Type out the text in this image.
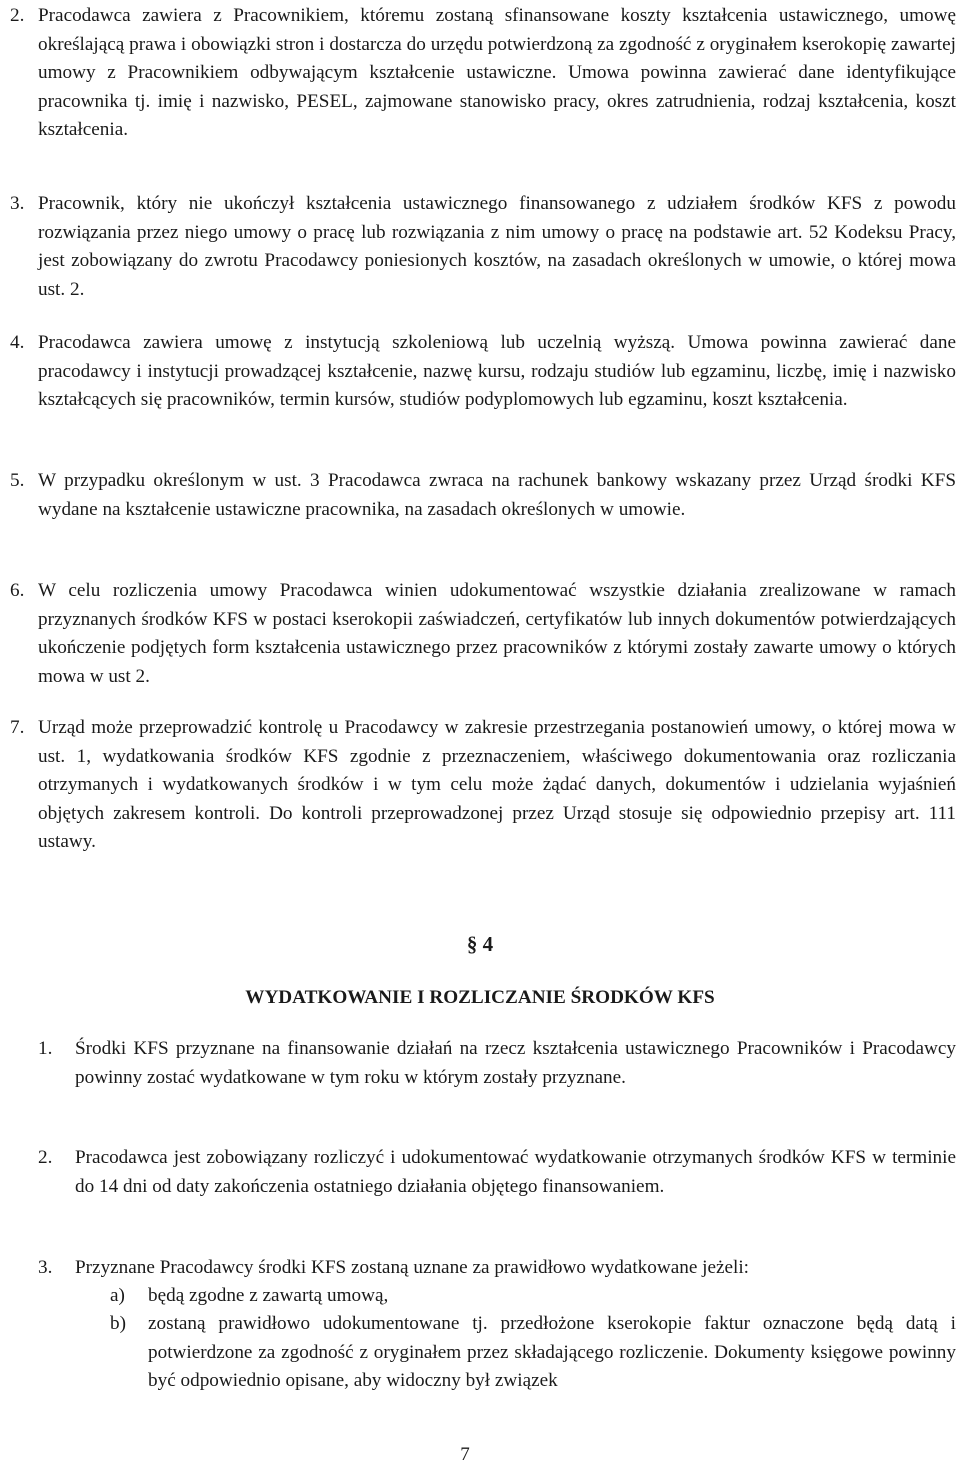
2. Pracodawca zawiera z Pracownikiem, któremu zostaną sfinansowane koszty kształcenia ustawicznego, umowę określającą prawa i obowiązki stron i dostarcza do urzędu potwierdzoną za zgodność z oryginałem kserokopię zawartej umowy z Pracownikiem odbywającym kształcenie ustawiczne. Umowa powinna zawierać dane identyfikujące pracownika tj. imię i nazwisko, PESEL, zajmowane stanowisko pracy, okres zatrudnienia, rodzaj kształcenia, koszt kształcenia.
3. Pracownik, który nie ukończył kształcenia ustawicznego finansowanego z udziałem środków KFS z powodu rozwiązania przez niego umowy o pracę lub rozwiązania z nim umowy o pracę na podstawie art. 52 Kodeksu Pracy, jest zobowiązany do zwrotu Pracodawcy poniesionych kosztów, na zasadach określonych w umowie, o której mowa ust. 2.
4. Pracodawca zawiera umowę z instytucją szkoleniową lub uczelnią wyższą. Umowa powinna zawierać dane pracodawcy i instytucji prowadzącej kształcenie, nazwę kursu, rodzaju studiów lub egzaminu, liczbę, imię i nazwisko kształcących się pracowników, termin kursów, studiów podyplomowych lub egzaminu, koszt kształcenia.
5. W przypadku określonym w ust. 3 Pracodawca zwraca na rachunek bankowy wskazany przez Urząd środki KFS wydane na kształcenie ustawiczne pracownika, na zasadach określonych w umowie.
6. W celu rozliczenia umowy Pracodawca winien udokumentować wszystkie działania zrealizowane w ramach przyznanych środków KFS w postaci kserokopii zaświadczeń, certyfikatów lub innych dokumentów potwierdzających ukończenie podjętych form kształcenia ustawicznego przez pracowników z którymi zostały zawarte umowy o których mowa w ust 2.
7. Urząd może przeprowadzić kontrolę u Pracodawcy w zakresie przestrzegania postanowień umowy, o której mowa w ust. 1, wydatkowania środków KFS zgodnie z przeznaczeniem, właściwego dokumentowania oraz rozliczania otrzymanych i wydatkowanych środków i w tym celu może żądać danych, dokumentów i udzielania wyjaśnień objętych zakresem kontroli. Do kontroli przeprowadzonej przez Urząd stosuje się odpowiednio przepisy art. 111 ustawy.
§ 4
WYDATKOWANIE I ROZLICZANIE ŚRODKÓW KFS
1. Środki KFS przyznane na finansowanie działań na rzecz kształcenia ustawicznego Pracowników i Pracodawcy powinny zostać wydatkowane w tym roku w którym zostały przyznane.
2. Pracodawca jest zobowiązany rozliczyć i udokumentować wydatkowanie otrzymanych środków KFS w terminie do 14 dni od daty zakończenia ostatniego działania objętego finansowaniem.
3. Przyznane Pracodawcy środki KFS zostaną uznane za prawidłowo wydatkowane jeżeli:
a) będą zgodne z zawartą umową,
b) zostaną prawidłowo udokumentowane tj. przedłożone kserokopie faktur oznaczone będą datą i potwierdzone za zgodność z oryginałem przez składającego rozliczenie. Dokumenty księgowe powinny być odpowiednio opisane, aby widoczny był związek
7
